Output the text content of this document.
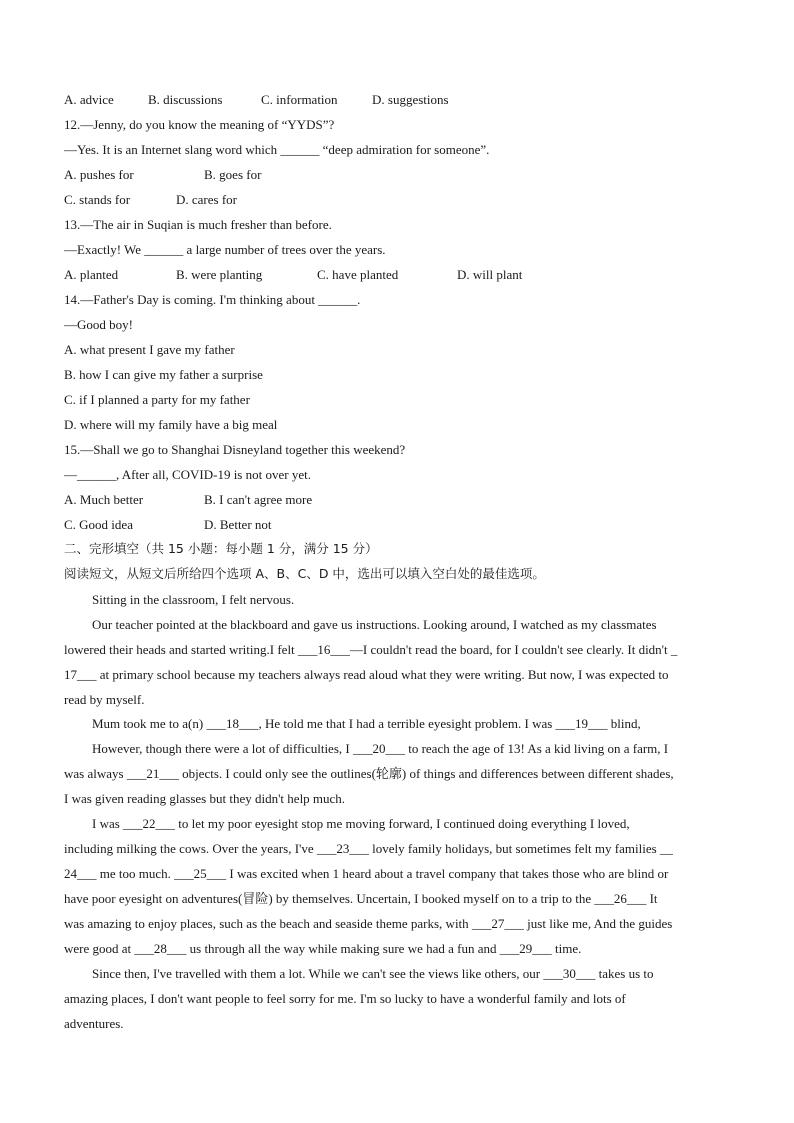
A. advice	B. discussions	C. information	D. suggestions
12.—Jenny, do you know the meaning of “YYDS”?
—Yes. It is an Internet slang word which ______ “deep admiration for someone”.
A. pushes for	B. goes for
C. stands for	D. cares for
13.—The air in Suqian is much fresher than before.
—Exactly! We ______ a large number of trees over the years.
A. planted	B. were planting	C. have planted	D. will plant
14.—Father's Day is coming. I'm thinking about ______.
—Good boy!
A. what present I gave my father
B. how I can give my father a surprise
C. if I planned a party for my father
D. where will my family have a big meal
15.—Shall we go to Shanghai Disneyland together this weekend?
—______, After all, COVID-19 is not over yet.
A. Much better	B. I can't agree more
C. Good idea	D. Better not
二、完形填空（共 15 小题：每小题 1 分，满分 15 分）
阅读短文，从短文后所给四个选项 A、B、C、D 中，选出可以填入空白处的最佳选项。
Sitting in the classroom, I felt nervous.
Our teacher pointed at the blackboard and gave us instructions. Looking around, I watched as my classmates
lowered their heads and started writing.I felt ___16___—I couldn't read the board, for I couldn't see clearly. It didn't _
17___ at primary school because my teachers always read aloud what they were writing. But now, I was expected to
read by myself.
Mum took me to a(n) ___18___, He told me that I had a terrible eyesight problem. I was ___19___ blind,
However, though there were a lot of difficulties, I ___20___ to reach the age of 13! As a kid living on a farm, I
was always ___21___ objects. I could only see the outlines(轮廓) of things and differences between different shades,
I was given reading glasses but they didn't help much.
I was ___22___ to let my poor eyesight stop me moving forward, I continued doing everything I loved,
including milking the cows. Over the years, I've ___23___ lovely family holidays, but sometimes felt my families __
24___ me too much. ___25___ I was excited when 1 heard about a travel company that takes those who are blind or
have poor eyesight on adventures(冒险) by themselves. Uncertain, I booked myself on to a trip to the ___26___ It
was amazing to enjoy places, such as the beach and seaside theme parks, with ___27___ just like me, And the guides
were good at ___28___ us through all the way while making sure we had a fun and ___29___ time.
Since then, I've travelled with them a lot. While we can't see the views like others, our ___30___ takes us to
amazing places, I don't want people to feel sorry for me. I'm so lucky to have a wonderful family and lots of
adventures.
